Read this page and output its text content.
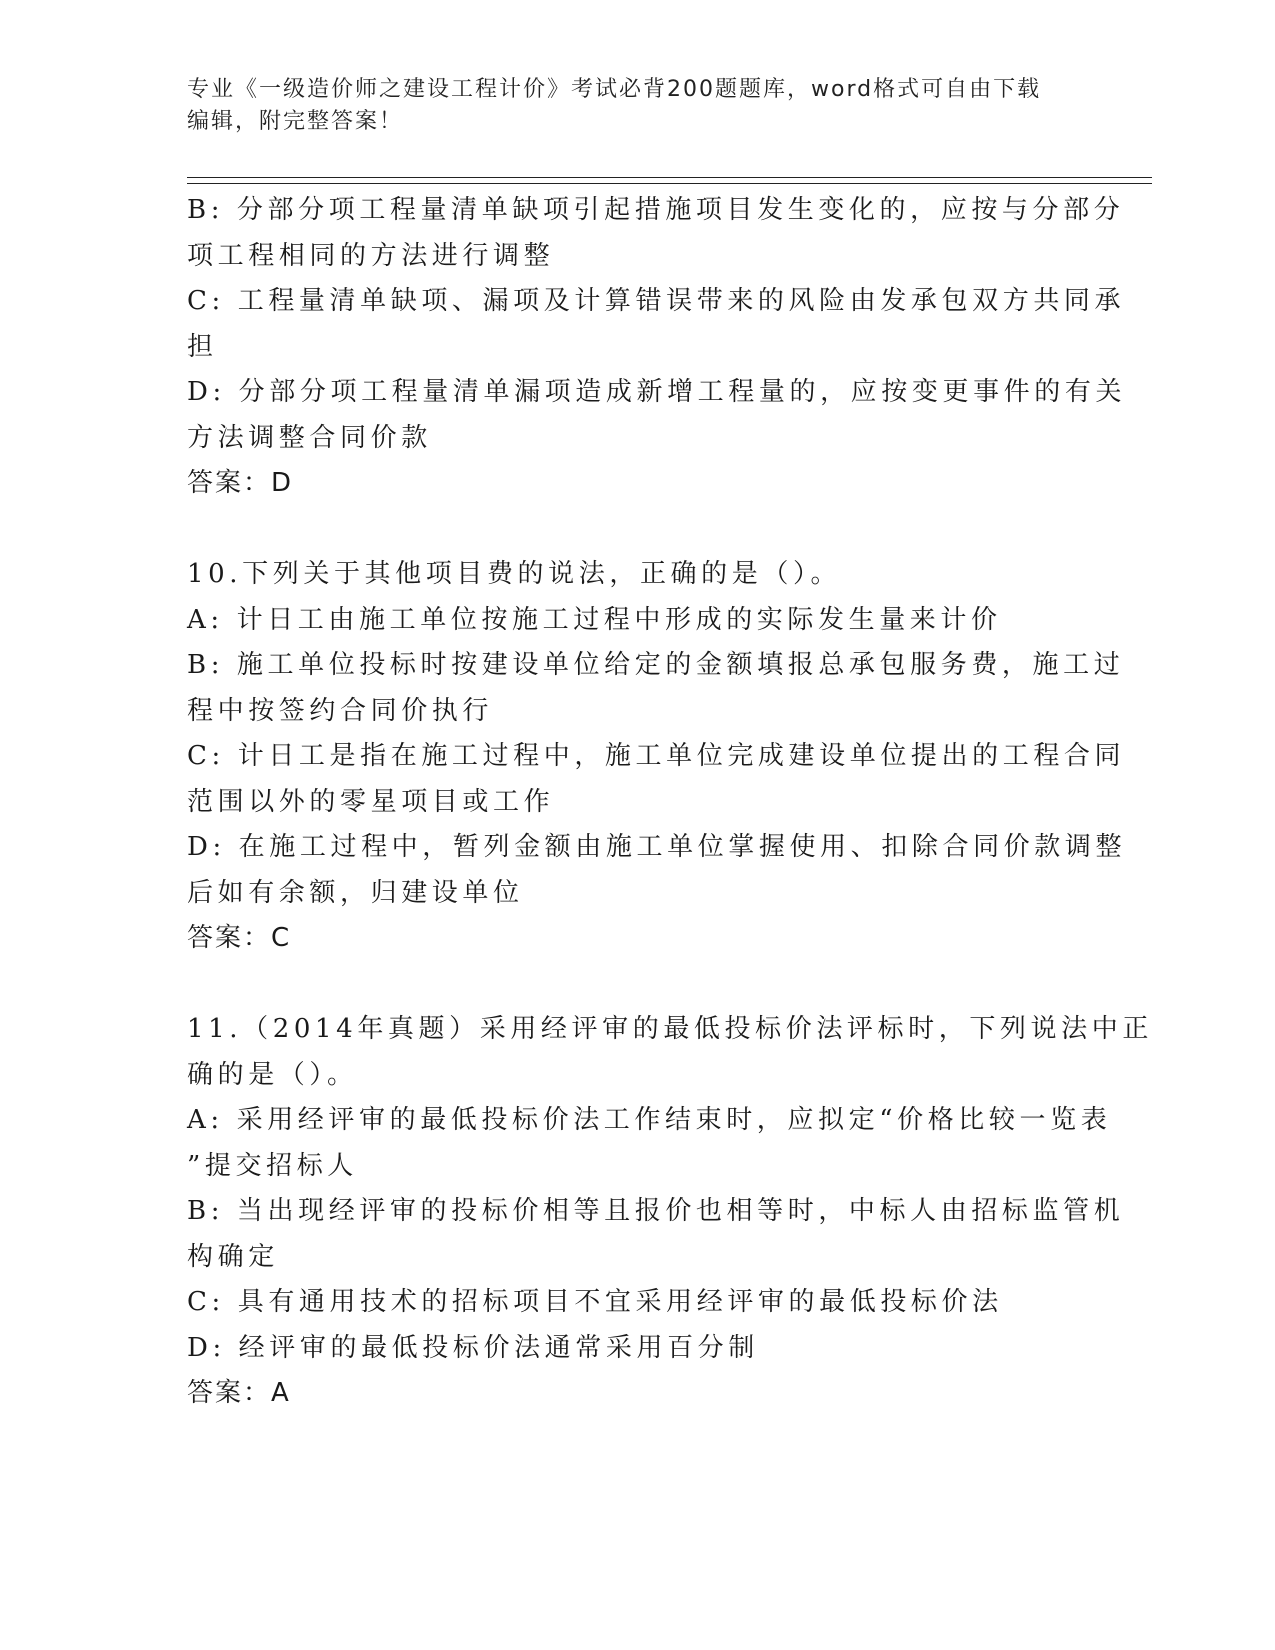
专业《一级造价师之建设工程计价》考试必背200题题库，word格式可自由下载
编辑，附完整答案！
B: 分部分项工程量清单缺项引起措施项目发生变化的，应按与分部分
项工程相同的方法进行调整
C: 工程量清单缺项、漏项及计算错误带来的风险由发承包双方共同承
担
D: 分部分项工程量清单漏项造成新增工程量的，应按变更事件的有关
方法调整合同价款
答案：D
10.下列关于其他项目费的说法，正确的是（）。
A: 计日工由施工单位按施工过程中形成的实际发生量来计价
B: 施工单位投标时按建设单位给定的金额填报总承包服务费，施工过
程中按签约合同价执行
C: 计日工是指在施工过程中，施工单位完成建设单位提出的工程合同
范围以外的零星项目或工作
D: 在施工过程中，暂列金额由施工单位掌握使用、扣除合同价款调整
后如有余额，归建设单位
答案：C
11.（2014年真题）采用经评审的最低投标价法评标时，下列说法中正
确的是（）。
A: 采用经评审的最低投标价法工作结束时，应拟定“价格比较一览表
”提交招标人
B: 当出现经评审的投标价相等且报价也相等时，中标人由招标监管机
构确定
C: 具有通用技术的招标项目不宜采用经评审的最低投标价法
D: 经评审的最低投标价法通常采用百分制
答案：A
